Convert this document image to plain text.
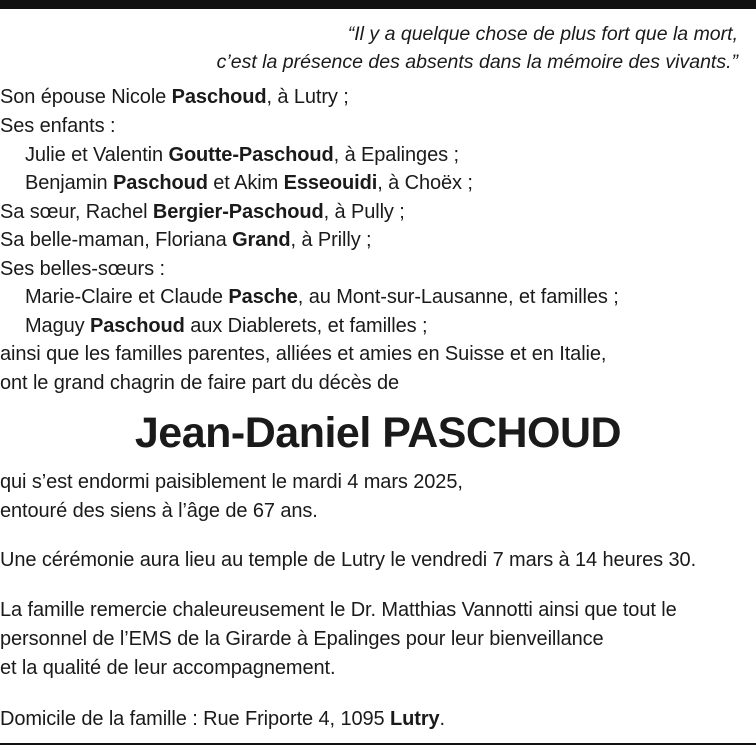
“Il y a quelque chose de plus fort que la mort,
c’est la présence des absents dans la mémoire des vivants.”
Son épouse Nicole Paschoud, à Lutry ;
Ses enfants :
Julie et Valentin Goutte-Paschoud, à Epalinges ;
Benjamin Paschoud et Akim Esseouidi, à Choëx ;
Sa sœur, Rachel Bergier-Paschoud, à Pully ;
Sa belle-maman, Floriana Grand, à Prilly ;
Ses belles-sœurs :
Marie-Claire et Claude Pasche, au Mont-sur-Lausanne, et familles ;
Maguy Paschoud aux Diablerets, et familles ;
ainsi que les familles parentes, alliées et amies en Suisse et en Italie,
ont le grand chagrin de faire part du décès de
Jean-Daniel PASCHOUD
qui s’est endormi paisiblement le mardi 4 mars 2025,
entouré des siens à l’âge de 67 ans.
Une cérémonie aura lieu au temple de Lutry le vendredi 7 mars à 14 heures 30.
La famille remercie chaleureusement le Dr. Matthias Vannotti ainsi que tout le
personnel de l’EMS de la Girarde à Epalinges pour leur bienveillance
et la qualité de leur accompagnement.
Domicile de la famille : Rue Friporte 4, 1095 Lutry.
